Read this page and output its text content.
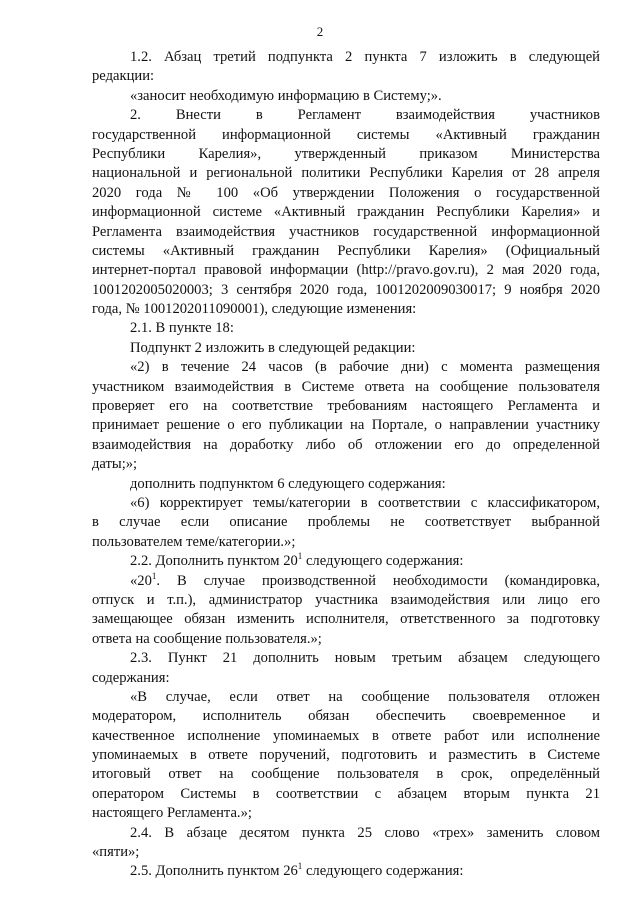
2
1.2. Абзац третий подпункта 2 пункта 7 изложить в следующей
редакции:
«заносит необходимую информацию в Систему;».
2. Внести в Регламент взаимодействия участников
государственной информационной системы «Активный гражданин
Республики Карелия», утвержденный приказом Министерства
национальной и региональной политики Республики Карелия от 28 апреля
2020 года № 100 «Об утверждении Положения о государственной
информационной системе «Активный гражданин Республики Карелия» и
Регламента взаимодействия участников государственной информационной
системы «Активный гражданин Республики Карелия» (Официальный
интернет-портал правовой информации (http://pravo.gov.ru), 2 мая 2020 года,
1001202005020003; 3 сентября 2020 года, 1001202009030017; 9 ноября 2020
года, № 1001202011090001), следующие изменения:
2.1. В пункте 18:
Подпункт 2 изложить в следующей редакции:
«2) в течение 24 часов (в рабочие дни) с момента размещения
участником взаимодействия в Системе ответа на сообщение пользователя
проверяет его на соответствие требованиям настоящего Регламента и
принимает решение о его публикации на Портале, о направлении участнику
взаимодействия на доработку либо об отложении его до определенной
даты;»;
дополнить подпунктом 6 следующего содержания:
«6) корректирует темы/категории в соответствии с классификатором,
в случае если описание проблемы не соответствует выбранной
пользователем теме/категории.»;
2.2. Дополнить пунктом $20^1$ следующего содержания:
«$20^1$. В случае производственной необходимости (командировка,
отпуск и т.п.), администратор участника взаимодействия или лицо его
замещающее обязан изменить исполнителя, ответственного за подготовку
ответа на сообщение пользователя.»;
2.3. Пункт 21 дополнить новым третьим абзацем следующего
содержания:
«В случае, если ответ на сообщение пользователя отложен
модератором, исполнитель обязан обеспечить своевременное и
качественное исполнение упоминаемых в ответе работ или исполнение
упоминаемых в ответе поручений, подготовить и разместить в Системе
итоговый ответ на сообщение пользователя в срок, определённый
оператором Системы в соответствии с абзацем вторым пункта 21
настоящего Регламента.»;
2.4. В абзаце десятом пункта 25 слово «трех» заменить словом
«пяти»;
2.5. Дополнить пунктом $26^1$ следующего содержания:
